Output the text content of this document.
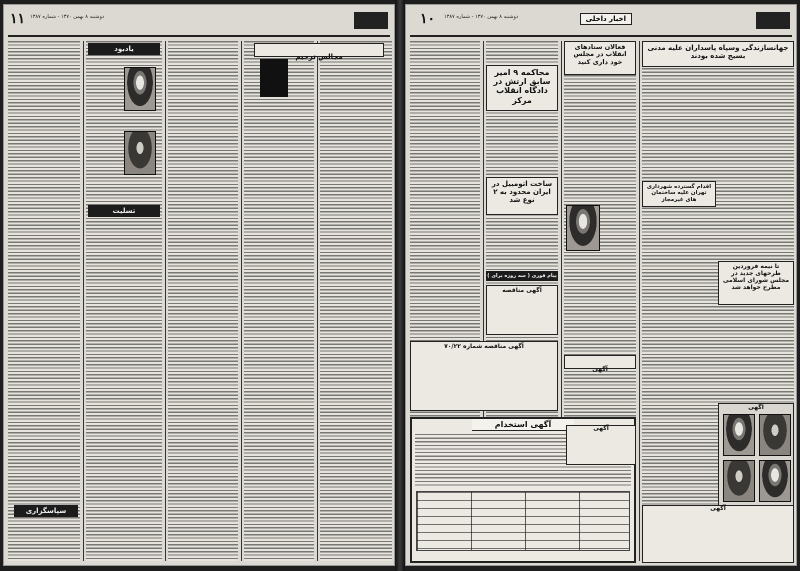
۱۱ دوشنبه ۸ بهمن ۱۳۷۰ - شماره ۱۳۸۷
یادبود
تسلیت
سپاسگزاری
مجالس ترحیم
اخبار داخلی
۱۰ دوشنبه ۸ بهمن ۱۳۷۰ - شماره ۱۳۸۷
جهانسازندگی وسپاه پاسداران علیه مدنی بسیج شده بودند
اقدام گسترده شهرداری تهران علیه ساختمان های غیرمجاز
تا نیمه فروردین طرحهای جدید در مجلس شورای اسلامی مطرح خواهد شد
آگهی
فعالان ستادهای انقلاب در مجلس خود داری کنید
آگهی
محاکمه ۹ امیر سابق ارتش در دادگاه انقلاب مرکز
ساخت اتومبیل در ایران محدود به ۲ نوع شد
پیام فوری ( سه روزه برای )
آگهی مناقصه
آگهی مناقصه شماره ۷۰/۲۲
آگهی استخدام
آگهی
آگهی
